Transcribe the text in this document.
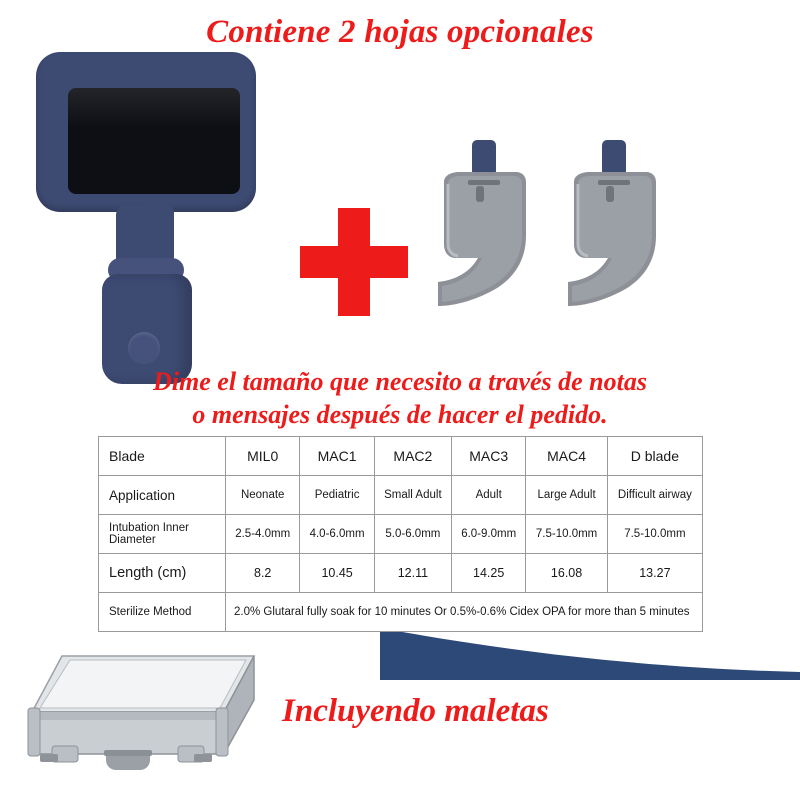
Contiene 2 hojas opcionales
Dime el tamaño que necesito a través de notas
o mensajes después de hacer el pedido.
Blade	MIL0	MAC1	MAC2	MAC3	MAC4	D blade
Application	Neonate	Pediatric	Small Adult	Adult	Large Adult	Difficult airway
Intubation Inner Diameter	2.5-4.0mm	4.0-6.0mm	5.0-6.0mm	6.0-9.0mm	7.5-10.0mm	7.5-10.0mm
Length (cm)	8.2	10.45	12.11	14.25	16.08	13.27
Sterilize Method	2.0% Glutaral fully soak for 10 minutes Or 0.5%-0.6% Cidex OPA for more than 5 minutes					
Incluyendo maletas
